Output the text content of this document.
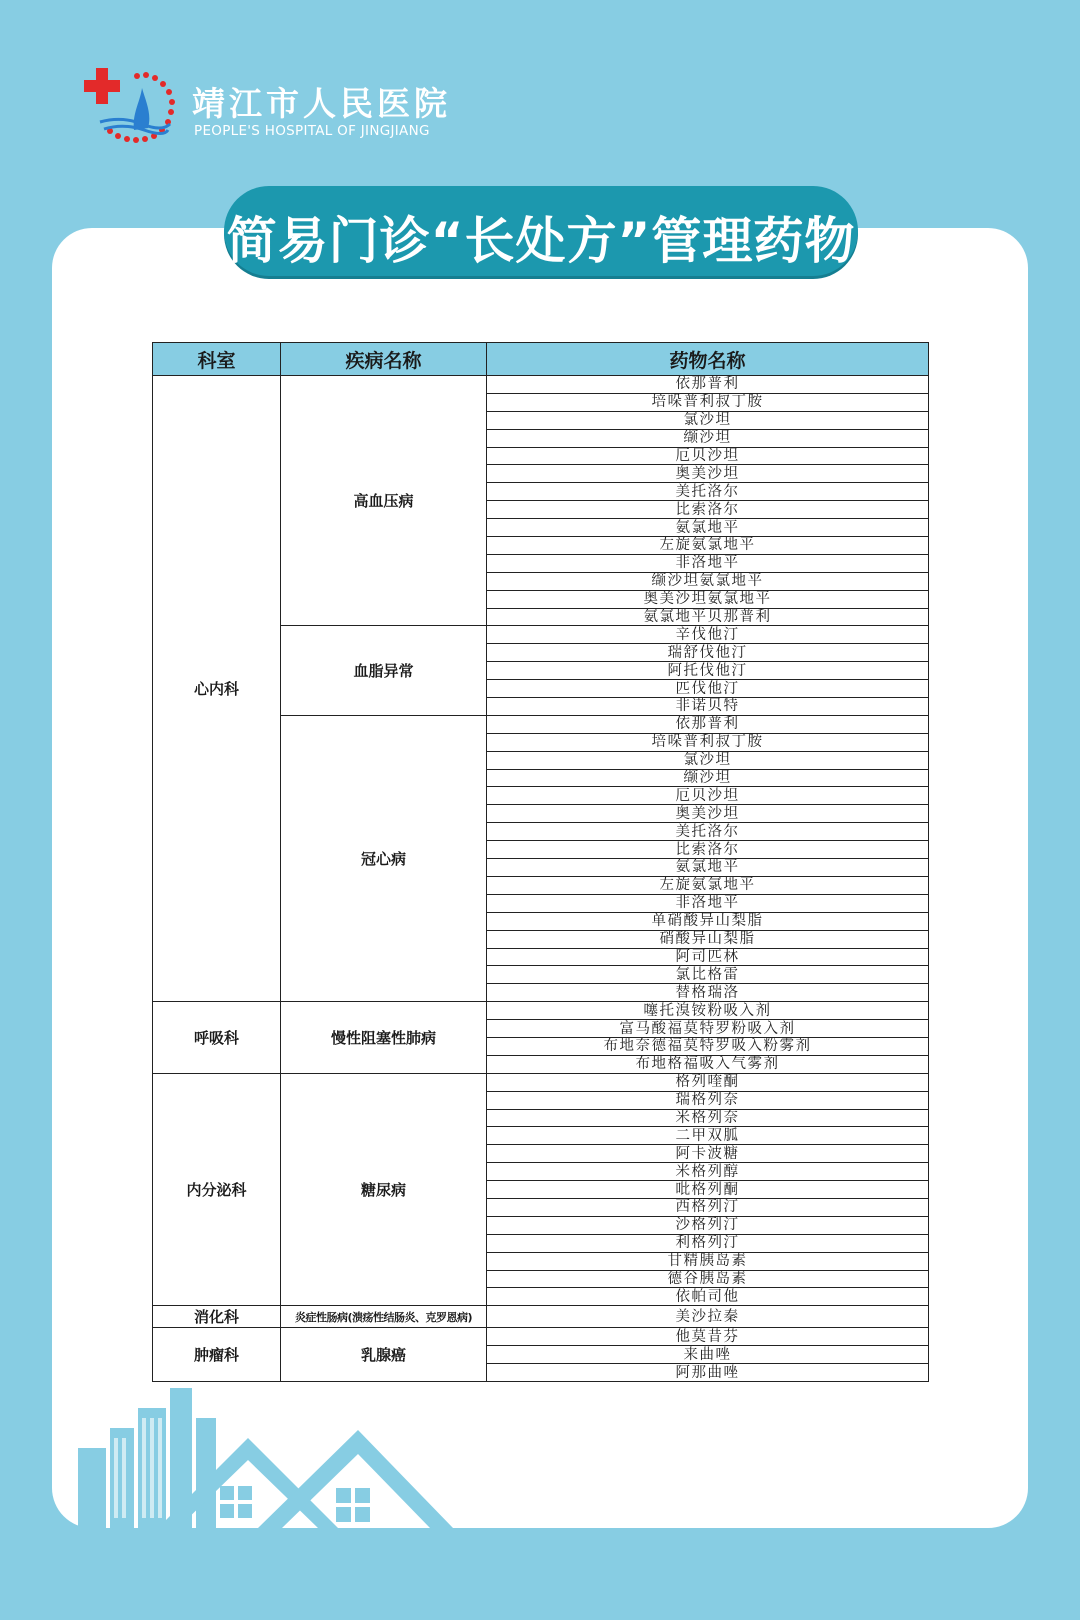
靖江市人民医院
PEOPLE'S HOSPITAL OF JINGJIANG
简易门诊“长处方”管理药物
科室	疾病名称	药物名称
心内科	高血压病	依那普利
		培哚普利叔丁胺
		氯沙坦
		缬沙坦
		厄贝沙坦
		奥美沙坦
		美托洛尔
		比索洛尔
		氨氯地平
		左旋氨氯地平
		非洛地平
		缬沙坦氨氯地平
		奥美沙坦氨氯地平
		氨氯地平贝那普利
	血脂异常	辛伐他汀
		瑞舒伐他汀
		阿托伐他汀
		匹伐他汀
		非诺贝特
	冠心病	依那普利
		培哚普利叔丁胺
		氯沙坦
		缬沙坦
		厄贝沙坦
		奥美沙坦
		美托洛尔
		比索洛尔
		氨氯地平
		左旋氨氯地平
		非洛地平
		单硝酸异山梨脂
		硝酸异山梨脂
		阿司匹林
		氯比格雷
		替格瑞洛
呼吸科	慢性阻塞性肺病	噻托溴铵粉吸入剂
		富马酸福莫特罗粉吸入剂
		布地奈德福莫特罗吸入粉雾剂
		布地格福吸入气雾剂
内分泌科	糖尿病	格列喹酮
		瑞格列奈
		米格列奈
		二甲双胍
		阿卡波糖
		米格列醇
		吡格列酮
		西格列汀
		沙格列汀
		利格列汀
		甘精胰岛素
		德谷胰岛素
		依帕司他
消化科	炎症性肠病(溃疡性结肠炎、克罗恩病)	美沙拉秦
肿瘤科	乳腺癌	他莫昔芬
		来曲唑
		阿那曲唑
